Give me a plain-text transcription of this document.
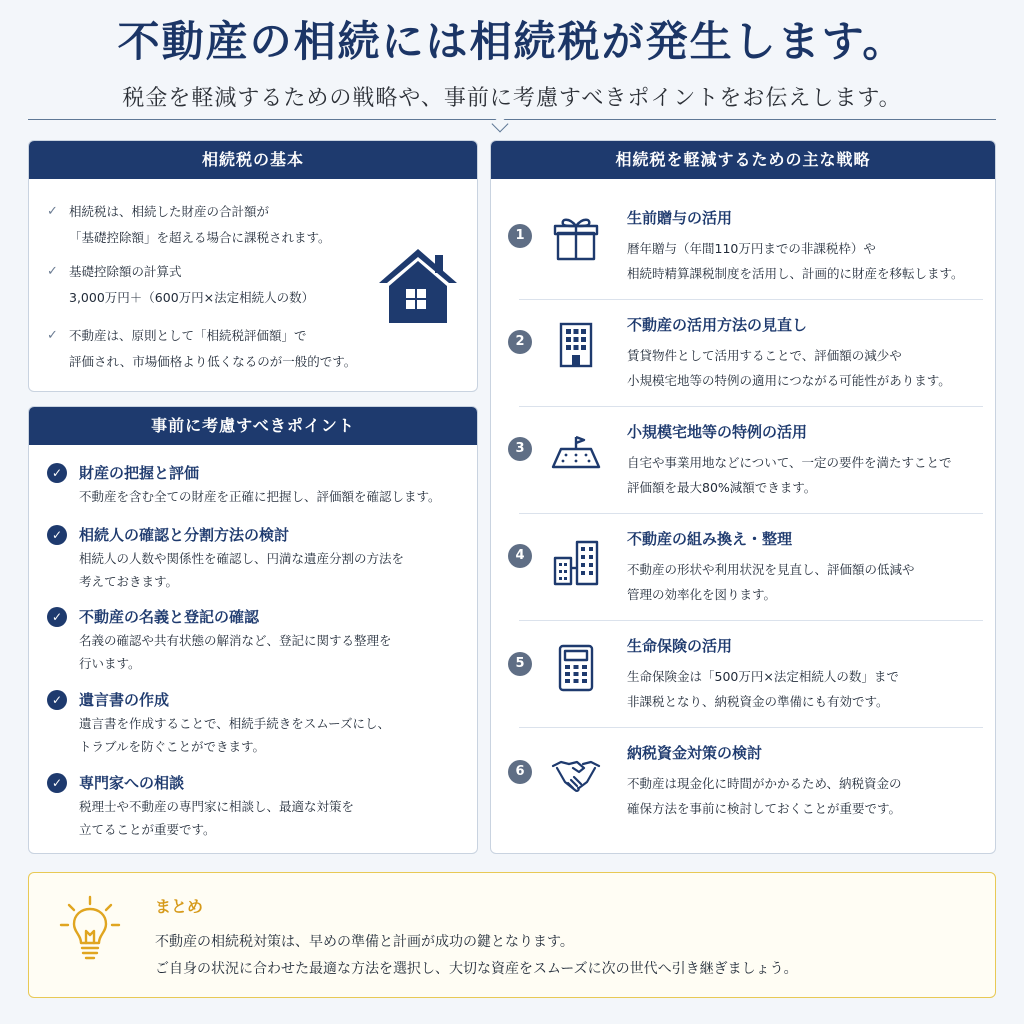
不動産の相続には相続税が発生します。
税金を軽減するための戦略や、事前に考慮すべきポイントをお伝えします。
相続税の基本
✓ 相続税は、相続した財産の合計額が
「基礎控除額」を超える場合に課税されます。
✓ 基礎控除額の計算式
3,000万円＋（600万円×法定相続人の数）
✓ 不動産は、原則として「相続税評価額」で
評価され、市場価格より低くなるのが一般的です。
事前に考慮すべきポイント
✓	財産の把握と評価
不動産を含む全ての財産を正確に把握し、評価額を確認します。
✓	相続人の確認と分割方法の検討
相続人の人数や関係性を確認し、円満な遺産分割の方法を
考えておきます。
✓	不動産の名義と登記の確認
名義の確認や共有状態の解消など、登記に関する整理を
行います。
✓	遺言書の作成
遺言書を作成することで、相続手続きをスムーズにし、
トラブルを防ぐことができます。
✓	専門家への相談
税理士や不動産の専門家に相談し、最適な対策を
立てることが重要です。
相続税を軽減するための主な戦略
1
生前贈与の活用
暦年贈与（年間110万円までの非課税枠）や
相続時精算課税制度を活用し、計画的に財産を移転します。
2
不動産の活用方法の見直し
賃貸物件として活用することで、評価額の減少や
小規模宅地等の特例の適用につながる可能性があります。
3
小規模宅地等の特例の活用
自宅や事業用地などについて、一定の要件を満たすことで
評価額を最大80%減額できます。
4
不動産の組み換え・整理
不動産の形状や利用状況を見直し、評価額の低減や
管理の効率化を図ります。
5
生命保険の活用
生命保険金は「500万円×法定相続人の数」まで
非課税となり、納税資金の準備にも有効です。
6
納税資金対策の検討
不動産は現金化に時間がかかるため、納税資金の
確保方法を事前に検討しておくことが重要です。
まとめ
不動産の相続税対策は、早めの準備と計画が成功の鍵となります。
ご自身の状況に合わせた最適な方法を選択し、大切な資産をスムーズに次の世代へ引き継ぎましょう。
